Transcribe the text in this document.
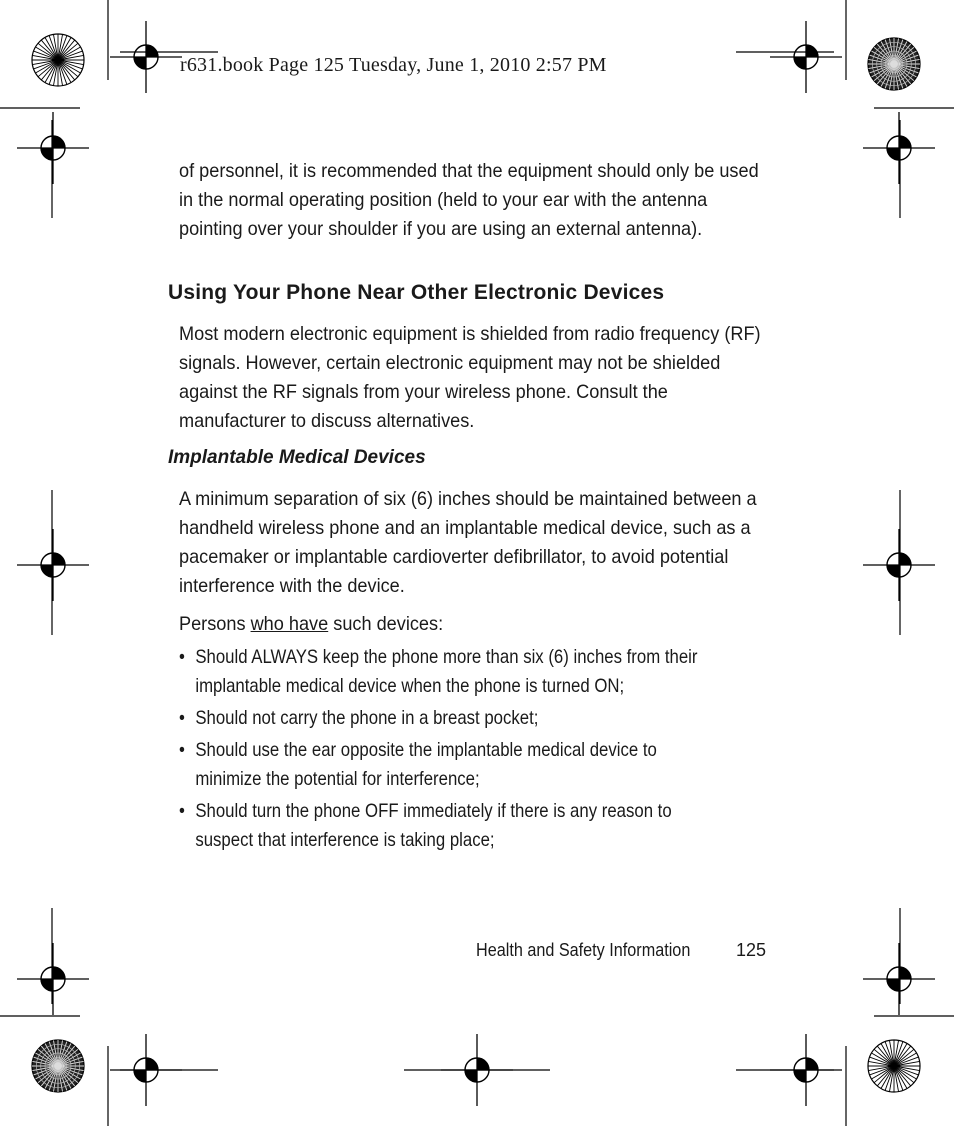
r631.book Page 125 Tuesday, June 1, 2010 2:57 PM
of personnel, it is recommended that the equipment should only be used in the normal operating position (held to your ear with the antenna pointing over your shoulder if you are using an external antenna).
Using Your Phone Near Other Electronic Devices
Most modern electronic equipment is shielded from radio frequency (RF) signals. However, certain electronic equipment may not be shielded against the RF signals from your wireless phone. Consult the manufacturer to discuss alternatives.
Implantable Medical Devices
A minimum separation of six (6) inches should be maintained between a handheld wireless phone and an implantable medical device, such as a pacemaker or implantable cardioverter defibrillator, to avoid potential interference with the device.
Persons who have such devices:
• Should ALWAYS keep the phone more than six (6) inches from their implantable medical device when the phone is turned ON;
• Should not carry the phone in a breast pocket;
• Should use the ear opposite the implantable medical device to minimize the potential for interference;
• Should turn the phone OFF immediately if there is any reason to suspect that interference is taking place;
Health and Safety Information	125
